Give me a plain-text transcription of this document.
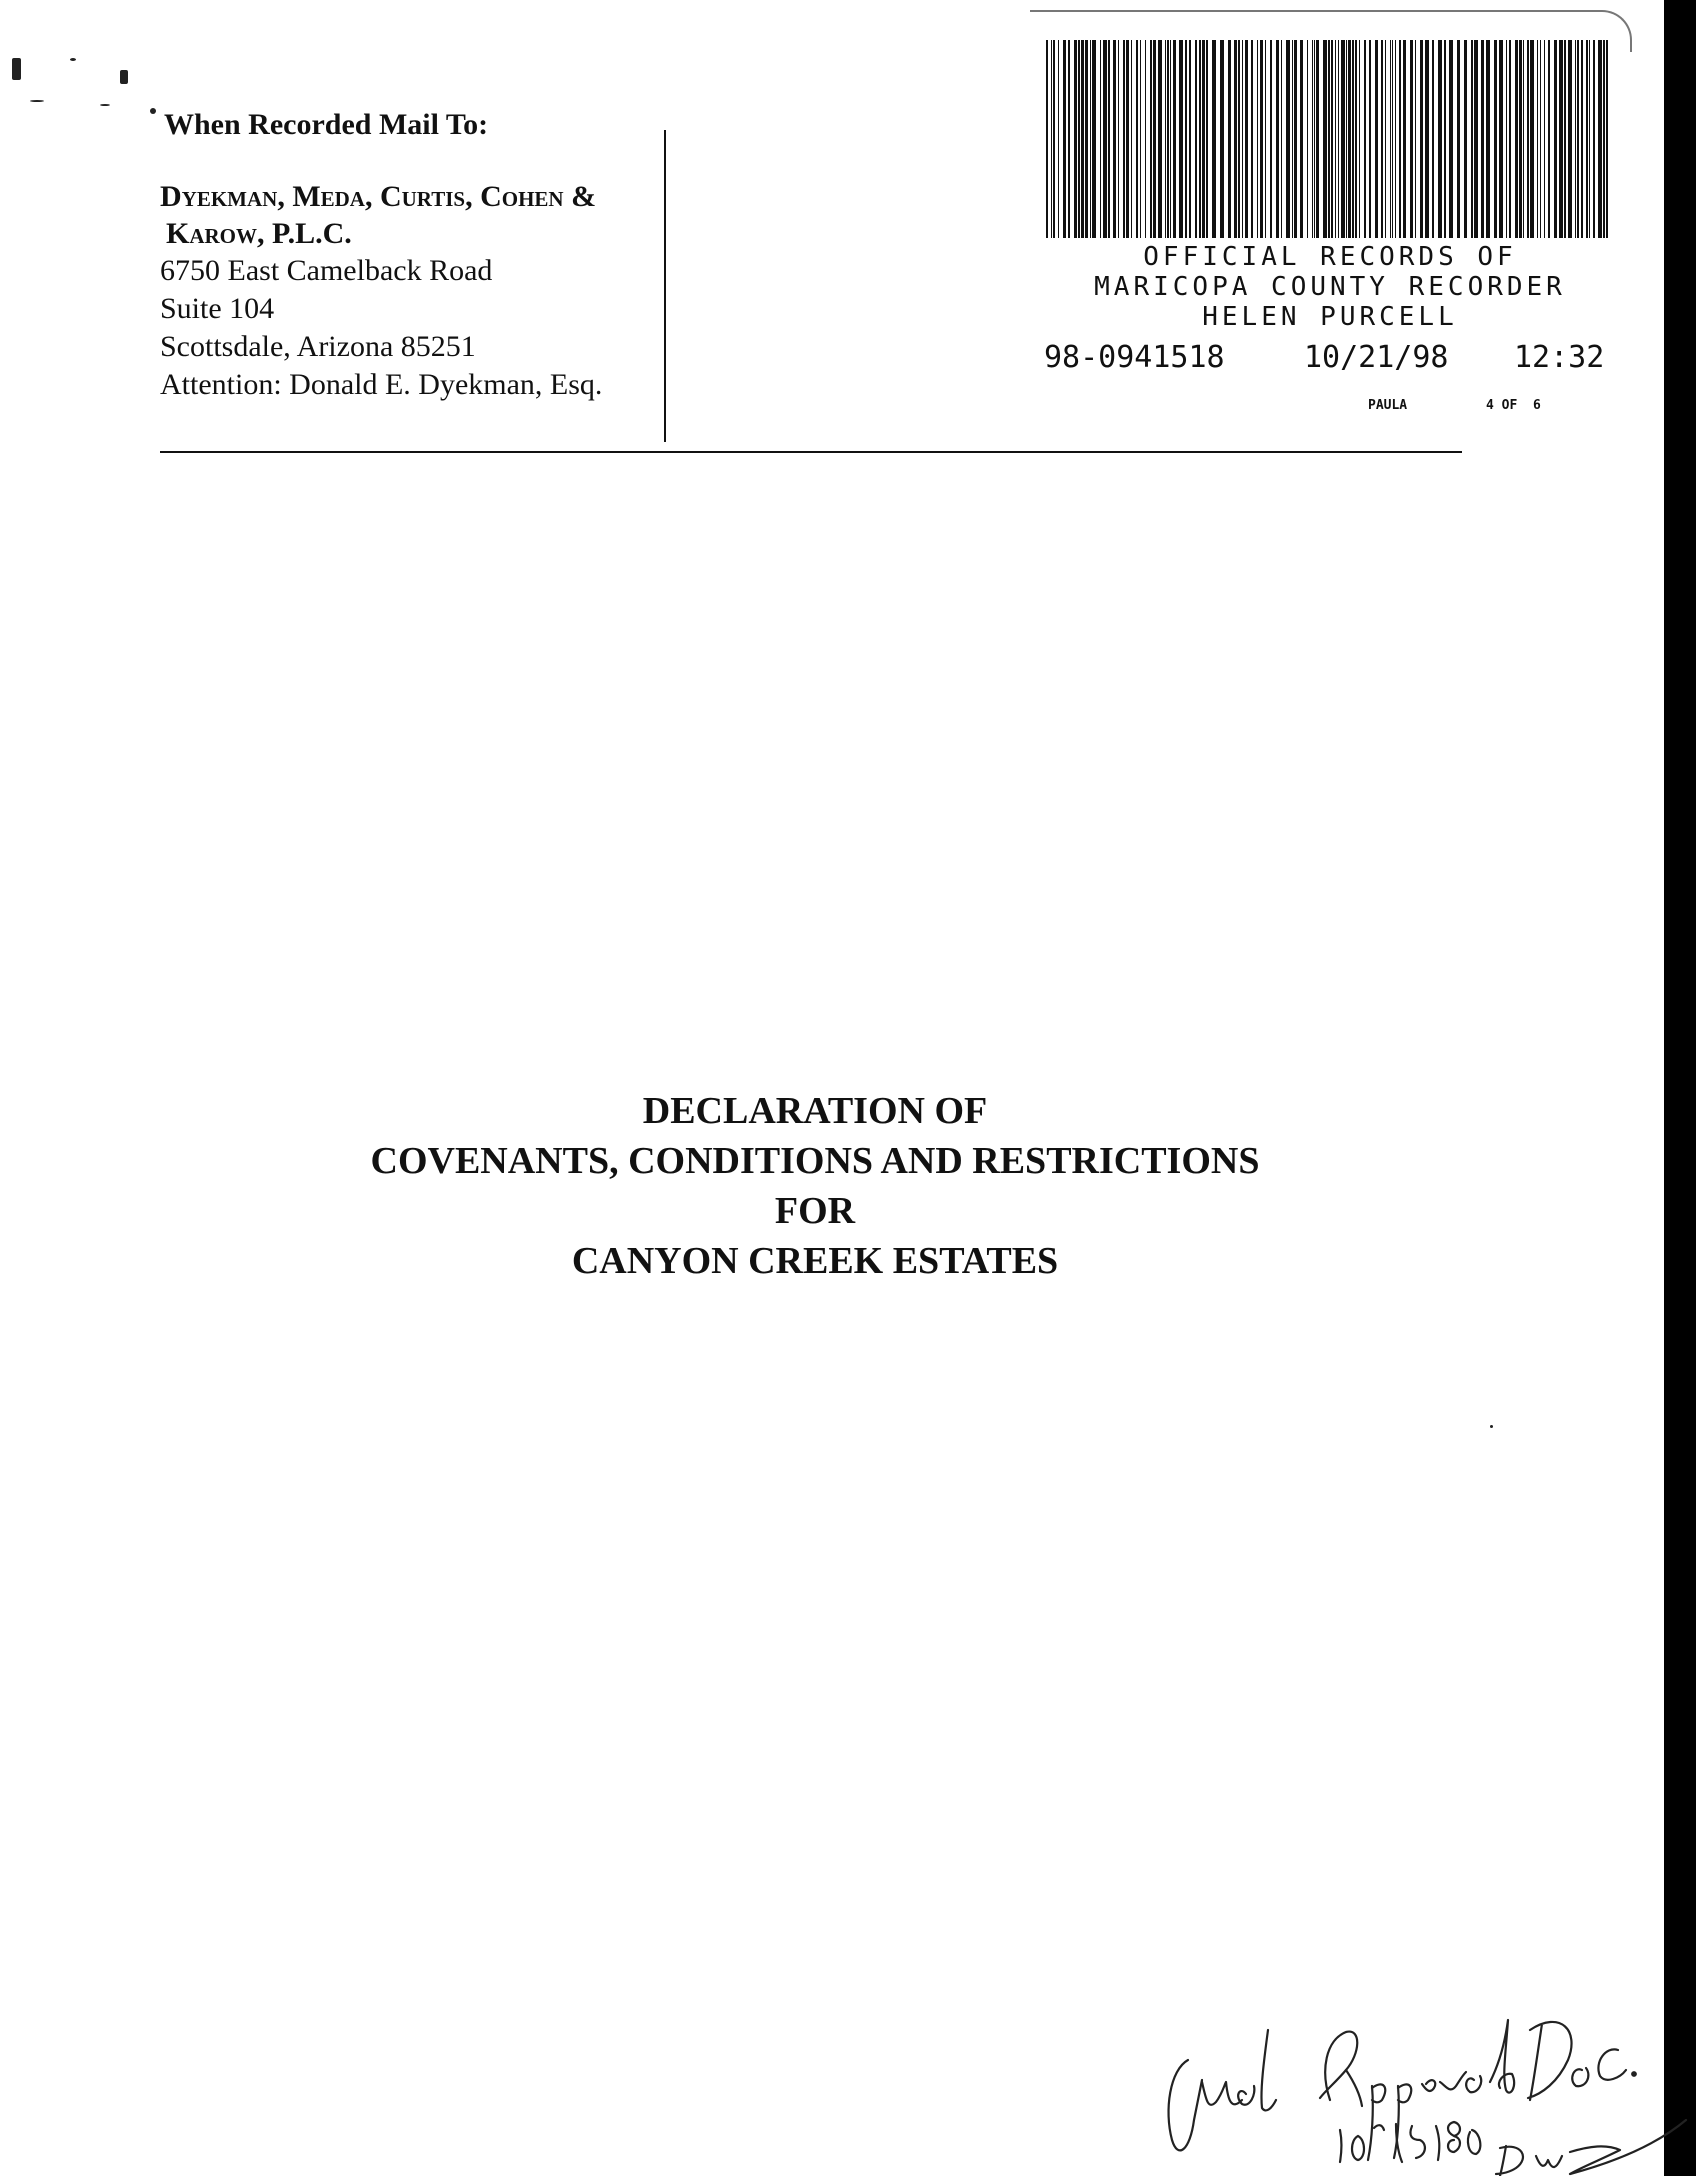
When Recorded Mail To:
Dyekman, Meda, Curtis, Cohen &
Karow, P.L.C.
6750 East Camelback Road
Suite 104
Scottsdale, Arizona 85251
Attention: Donald E. Dyekman, Esq.
OFFICIAL RECORDS OF
MARICOPA COUNTY RECORDER
HELEN PURCELL
98-0941518	10/21/98 12:32
PAULA	4 OF  6
DECLARATION OF
COVENANTS, CONDITIONS AND RESTRICTIONS
FOR
CANYON CREEK ESTATES
